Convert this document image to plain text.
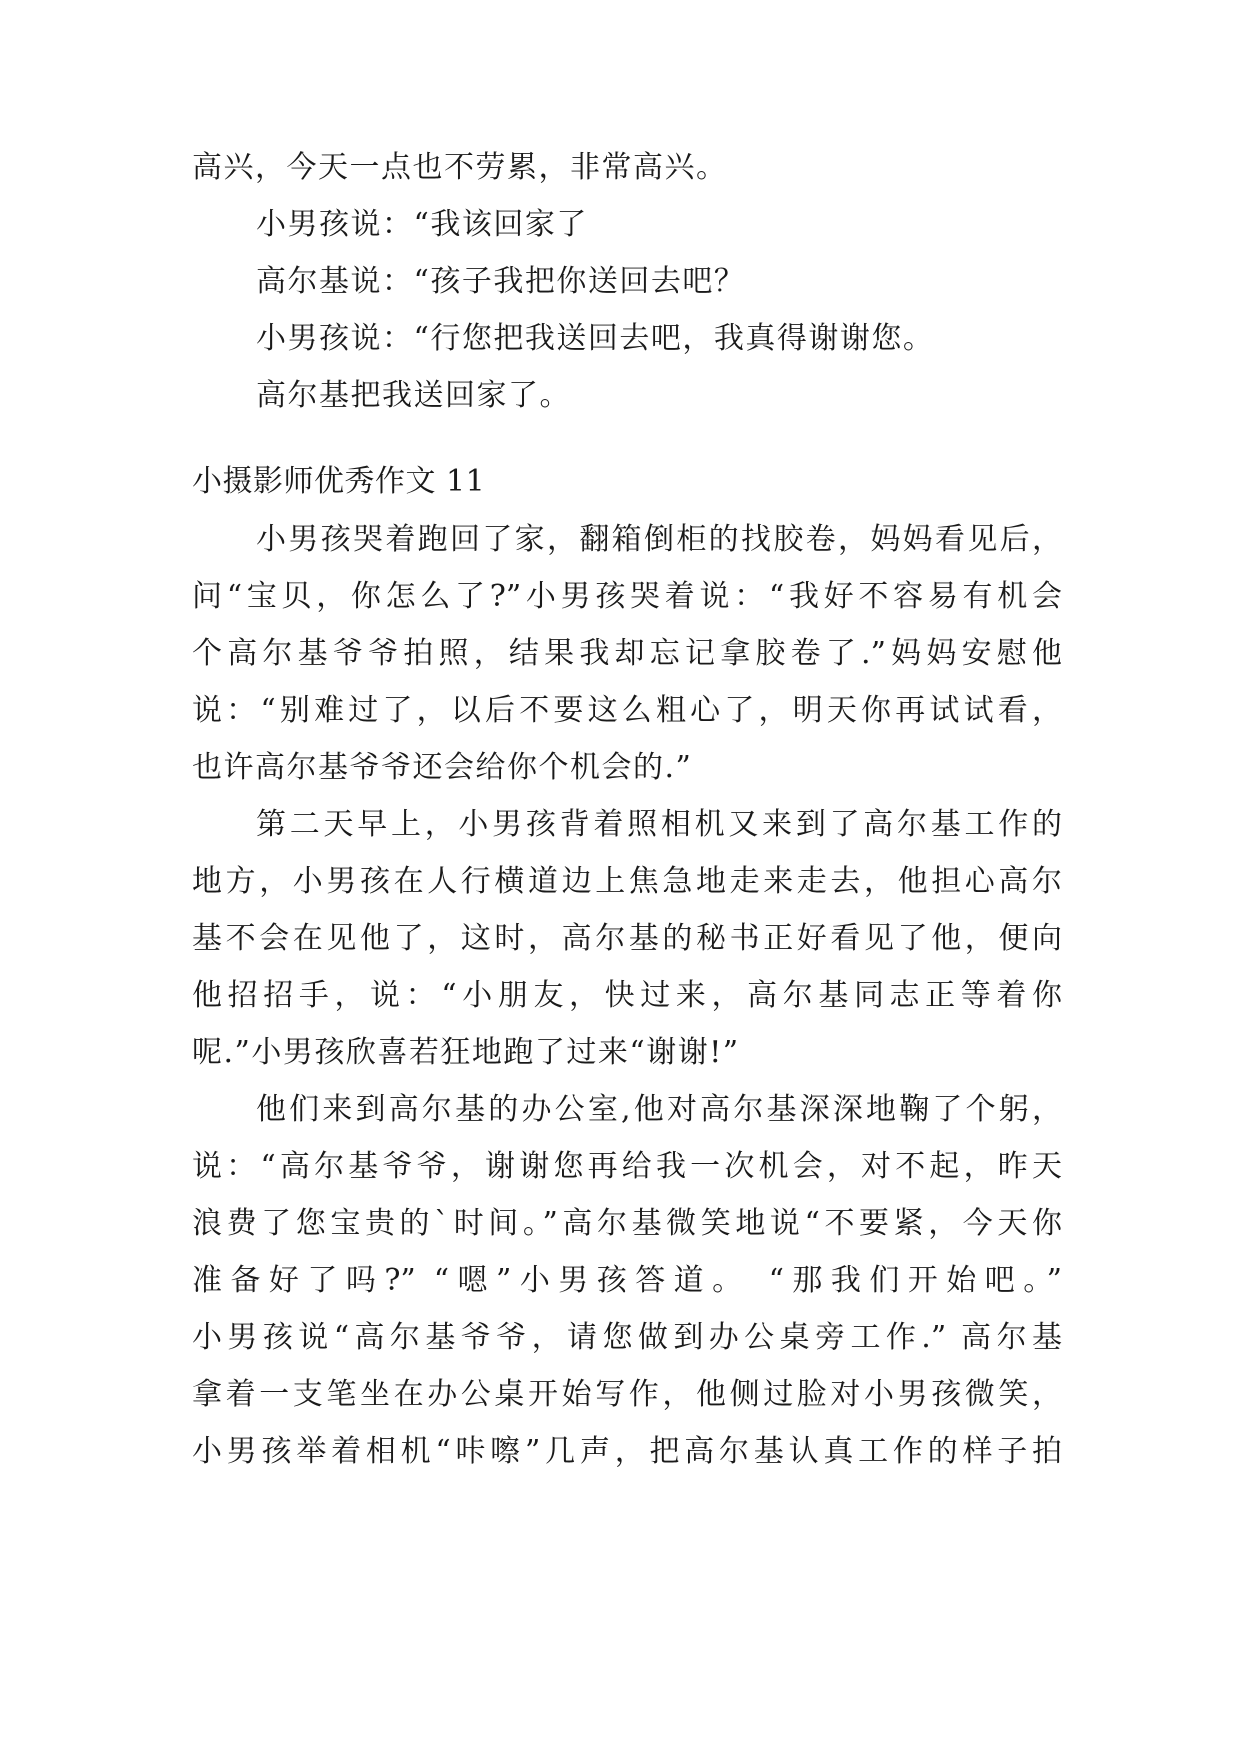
高兴，今天一点也不劳累，非常高兴。
小男孩说：“我该回家了
高尔基说：“孩子我把你送回去吧？
小男孩说：“行您把我送回去吧，我真得谢谢您。
高尔基把我送回家了。
小摄影师优秀作文 11
小男孩哭着跑回了家，翻箱倒柜的找胶卷，妈妈看见后，
问“宝贝，你怎么了?”小男孩哭着说：“我好不容易有机会
个高尔基爷爷拍照，结果我却忘记拿胶卷了.”妈妈安慰他
说：“别难过了，以后不要这么粗心了，明天你再试试看，
也许高尔基爷爷还会给你个机会的.”
第二天早上，小男孩背着照相机又来到了高尔基工作的
地方，小男孩在人行横道边上焦急地走来走去，他担心高尔
基不会在见他了，这时，高尔基的秘书正好看见了他，便向
他招招手，说：“小朋友，快过来，高尔基同志正等着你
呢.”小男孩欣喜若狂地跑了过来“谢谢!”
他们来到高尔基的办公室,他对高尔基深深地鞠了个躬，
说：“高尔基爷爷，谢谢您再给我一次机会，对不起，昨天
浪费了您宝贵的`时间。”高尔基微笑地说“不要紧，今天你
准备好了吗?” “嗯”小男孩答道。 “那我们开始吧。”
小男孩说“高尔基爷爷，请您做到办公桌旁工作.” 高尔基
拿着一支笔坐在办公桌开始写作，他侧过脸对小男孩微笑，
小男孩举着相机“咔嚓”几声，把高尔基认真工作的样子拍
